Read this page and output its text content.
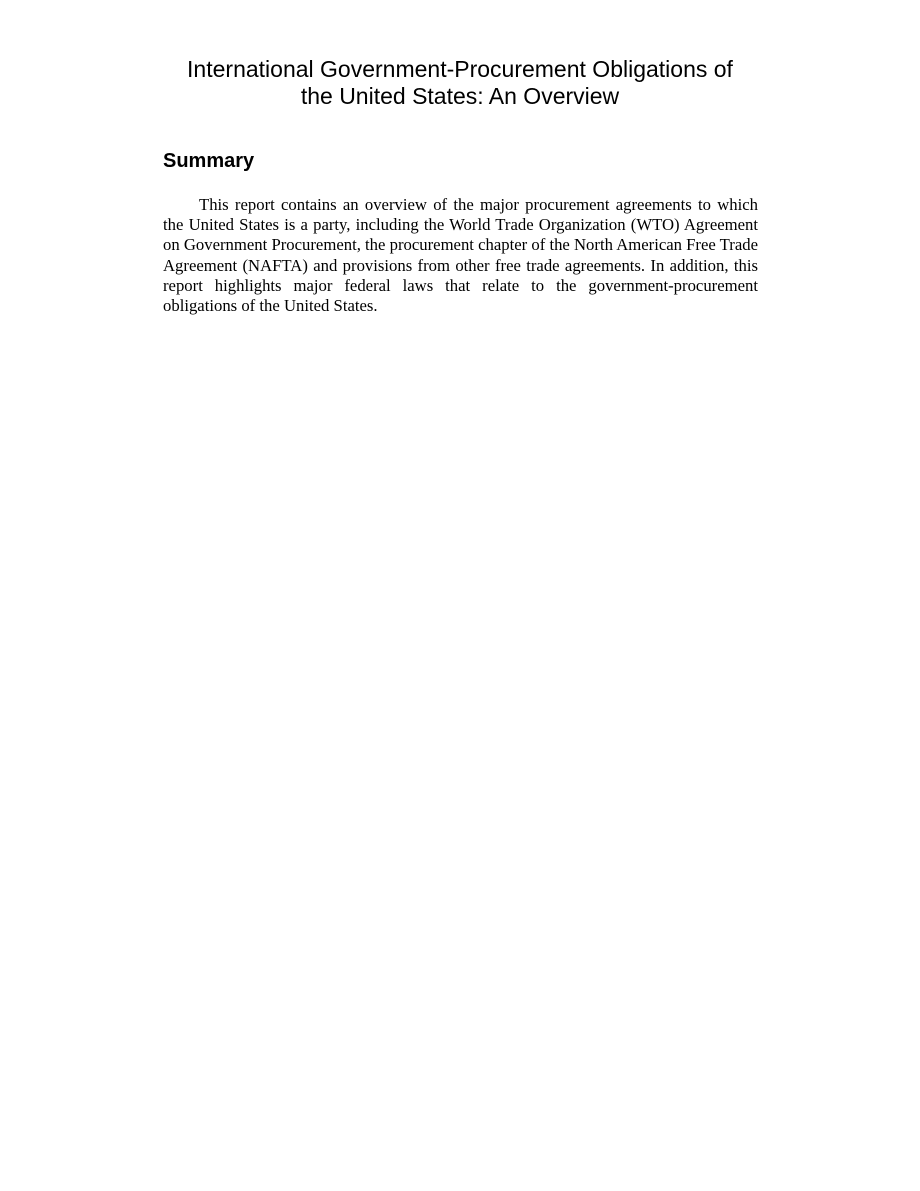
International Government-Procurement Obligations of
the United States: An Overview
Summary

This report contains an overview of the major procurement agreements to which the United States is a party, including the World Trade Organization (WTO) Agreement on Government Procurement, the procurement chapter of the North American Free Trade Agreement (NAFTA) and provisions from other free trade agreements. In addition, this report highlights major federal laws that relate to the government-procurement obligations of the United States.
